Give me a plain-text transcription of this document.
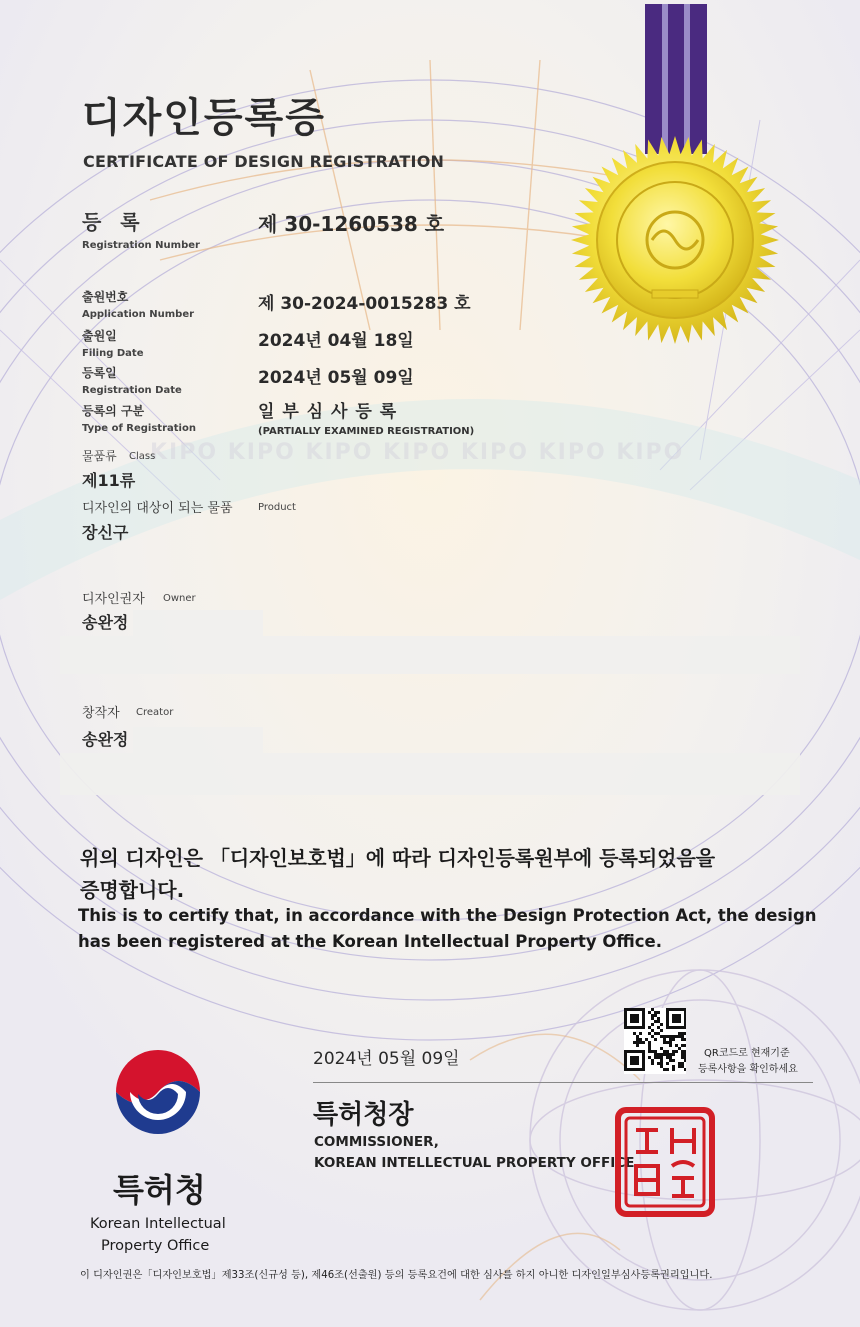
KIPO KIPO KIPO KIPO KIPO KIPO KIPO
디자인등록증
CERTIFICATE OF DESIGN REGISTRATION
등 록
Registration Number
제 30-1260538 호
출원번호
Application Number
제 30-2024-0015283 호
출원일
Filing Date
2024년 04월 18일
등록일
Registration Date
2024년 05월 09일
등록의 구분
Type of Registration
일 부 심 사 등 록
(PARTIALLY EXAMINED REGISTRATION)
물품류 Class
제11류
디자인의 대상이 되는 물품	Product
장신구
디자인권자 Owner
송완정
창작자 Creator
송완정
위의 디자인은 「디자인보호법」에 따라 디자인등록원부에 등록되었음을
증명합니다.
This is to certify that, in accordance with the Design Protection Act, the design
has been registered at the Korean Intellectual Property Office.
특허청
Korean Intellectual
Property Office
2024년 05월 09일
특허청장
COMMISSIONER,
KOREAN INTELLECTUAL PROPERTY OFFICE
QR코드로 현재기준
등록사항을 확인하세요
이 디자인권은「디자인보호법」제33조(신규성 등), 제46조(선출원) 등의 등록요건에 대한 심사를 하지 아니한 디자인일부심사등록권리입니다.
